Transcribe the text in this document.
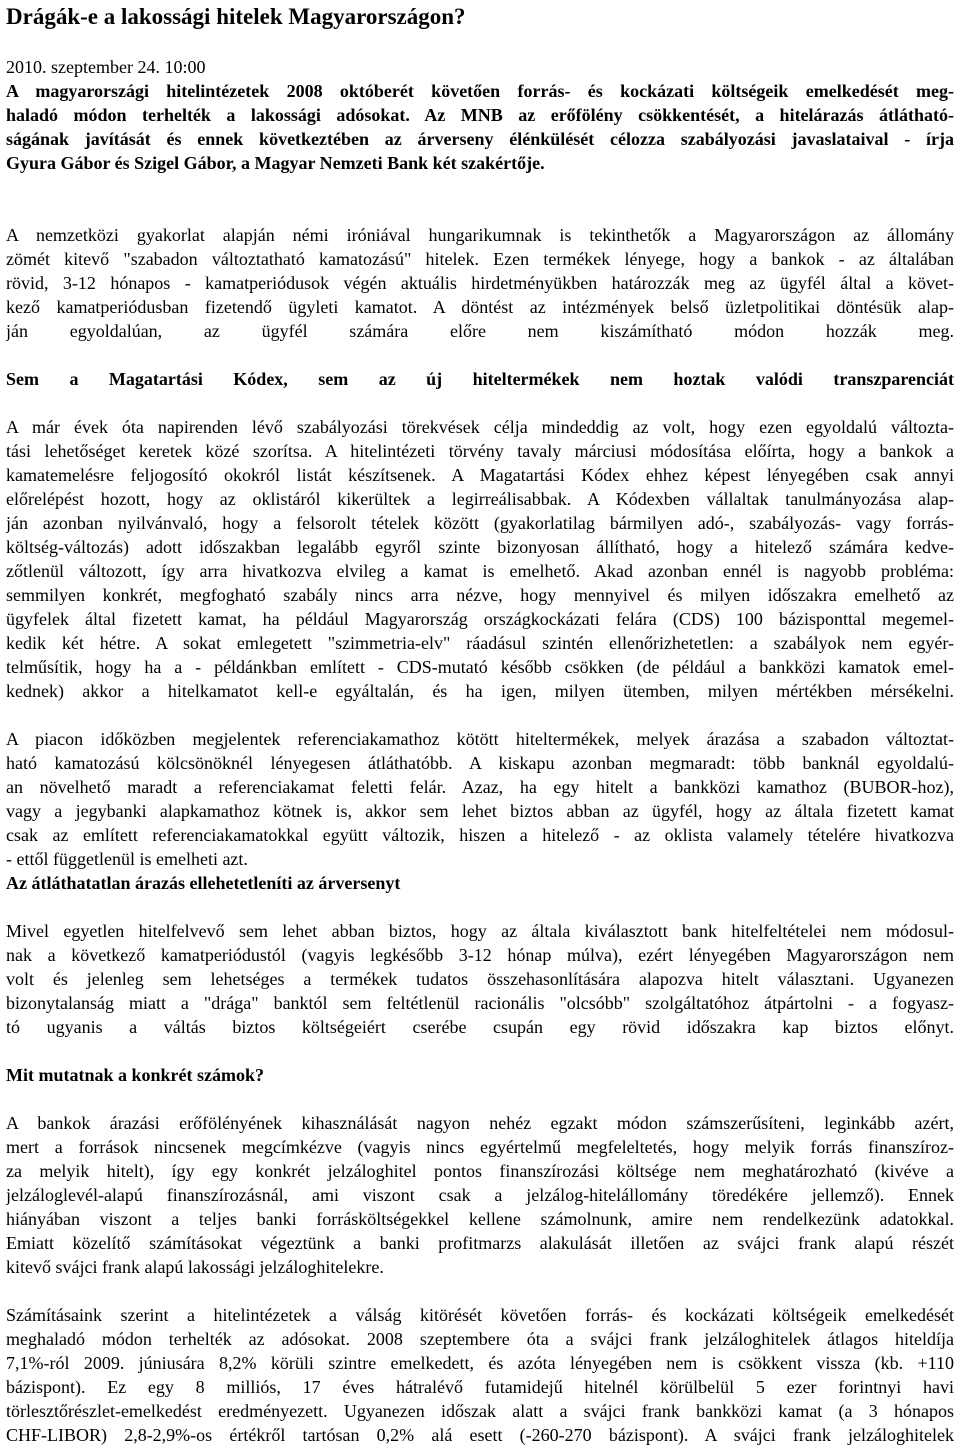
Drágák-e a lakossági hitelek Magyarországon?
2010. szeptember 24. 10:00
A magyarországi hitelintézetek 2008 októberét követően forrás- és kockázati költségeik emelkedését meg-
haladó módon terhelték a lakossági adósokat. Az MNB az erőfölény csökkentését, a hitelárazás átlátható-
ságának javítását és ennek következtében az árverseny élénkülését célozza szabályozási javaslataival - írja
Gyura Gábor és Szigel Gábor, a Magyar Nemzeti Bank két szakértője.
A nemzetközi gyakorlat alapján némi iróniával hungarikumnak is tekinthetők a Magyarországon az állomány
zömét kitevő "szabadon változtatható kamatozású" hitelek. Ezen termékek lényege, hogy a bankok - az általában
rövid, 3-12 hónapos - kamatperiódusok végén aktuális hirdetményükben határozzák meg az ügyfél által a követ-
kező kamatperiódusban fizetendő ügyleti kamatot. A döntést az intézmények belső üzletpolitikai döntésük alap-
ján egyoldalúan, az ügyfél számára előre nem kiszámítható módon hozzák meg.
Sem a Magatartási Kódex, sem az új hiteltermékek nem hoztak valódi transzparenciát
A már évek óta napirenden lévő szabályozási törekvések célja mindeddig az volt, hogy ezen egyoldalú változta-
tási lehetőséget keretek közé szorítsa. A hitelintézeti törvény tavaly márciusi módosítása előírta, hogy a bankok a
kamatemelésre feljogosító okokról listát készítsenek. A Magatartási Kódex ehhez képest lényegében csak annyi
előrelépést hozott, hogy az oklistáról kikerültek a legirreálisabbak. A Kódexben vállaltak tanulmányozása alap-
ján azonban nyilvánvaló, hogy a felsorolt tételek között (gyakorlatilag bármilyen adó-, szabályozás- vagy forrás-
költség-változás) adott időszakban legalább egyről szinte bizonyosan állítható, hogy a hitelező számára kedve-
zőtlenül változott, így arra hivatkozva elvileg a kamat is emelhető. Akad azonban ennél is nagyobb probléma:
semmilyen konkrét, megfogható szabály nincs arra nézve, hogy mennyivel és milyen időszakra emelhető az
ügyfelek által fizetett kamat, ha például Magyarország országkockázati felára (CDS) 100 bázisponttal megemel-
kedik két hétre. A sokat emlegetett "szimmetria-elv" ráadásul szintén ellenőrizhetetlen: a szabályok nem egyér-
telműsítik, hogy ha a - példánkban említett - CDS-mutató később csökken (de például a bankközi kamatok emel-
kednek) akkor a hitelkamatot kell-e egyáltalán, és ha igen, milyen ütemben, milyen mértékben mérsékelni.
A piacon időközben megjelentek referenciakamathoz kötött hiteltermékek, melyek árazása a szabadon változtat-
ható kamatozású kölcsönöknél lényegesen átláthatóbb. A kiskapu azonban megmaradt: több banknál egyoldalú-
an növelhető maradt a referenciakamat feletti felár. Azaz, ha egy hitelt a bankközi kamathoz (BUBOR-hoz),
vagy a jegybanki alapkamathoz kötnek is, akkor sem lehet biztos abban az ügyfél, hogy az általa fizetett kamat
csak az említett referenciakamatokkal együtt változik, hiszen a hitelező - az oklista valamely tételére hivatkozva
- ettől függetlenül is emelheti azt.
Az átláthatatlan árazás ellehetetleníti az árversenyt
Mivel egyetlen hitelfelvevő sem lehet abban biztos, hogy az általa kiválasztott bank hitelfeltételei nem módosul-
nak a következő kamatperiódustól (vagyis legkésőbb 3-12 hónap múlva), ezért lényegében Magyarországon nem
volt és jelenleg sem lehetséges a termékek tudatos összehasonlítására alapozva hitelt választani. Ugyanezen
bizonytalanság miatt a "drága" banktól sem feltétlenül racionális "olcsóbb" szolgáltatóhoz átpártolni - a fogyasz-
tó ugyanis a váltás biztos költségeiért cserébe csupán egy rövid időszakra kap biztos előnyt.
Mit mutatnak a konkrét számok?
A bankok árazási erőfölényének kihasználását nagyon nehéz egzakt módon számszerűsíteni, leginkább azért,
mert a források nincsenek megcímkézve (vagyis nincs egyértelmű megfeleltetés, hogy melyik forrás finanszíroz-
za melyik hitelt), így egy konkrét jelzáloghitel pontos finanszírozási költsége nem meghatározható (kivéve a
jelzáloglevél-alapú finanszírozásnál, ami viszont csak a jelzálog-hitelállomány töredékére jellemző). Ennek
hiányában viszont a teljes banki forrásköltségekkel kellene számolnunk, amire nem rendelkezünk adatokkal.
Emiatt közelítő számításokat végeztünk a banki profitmarzs alakulását illetően az svájci frank alapú részét
kitevő svájci frank alapú lakossági jelzáloghitelekre.
Számításaink szerint a hitelintézetek a válság kitörését követően forrás- és kockázati költségeik emelkedését
meghaladó módon terhelték az adósokat. 2008 szeptembere óta a svájci frank jelzáloghitelek átlagos hiteldíja
7,1%-ról 2009. júniusára 8,2% körüli szintre emelkedett, és azóta lényegében nem is csökkent vissza (kb. +110
bázispont). Ez egy 8 milliós, 17 éves hátralévő futamidejű hitelnél körülbelül 5 ezer forintnyi havi
törlesztőrészlet-emelkedést eredményezett. Ugyanezen időszak alatt a svájci frank bankközi kamat (a 3 hónapos
CHF-LIBOR) 2,8-2,9%-os értékről tartósan 0,2% alá esett (-260-270 bázispont). A svájci frank jelzáloghitelek
